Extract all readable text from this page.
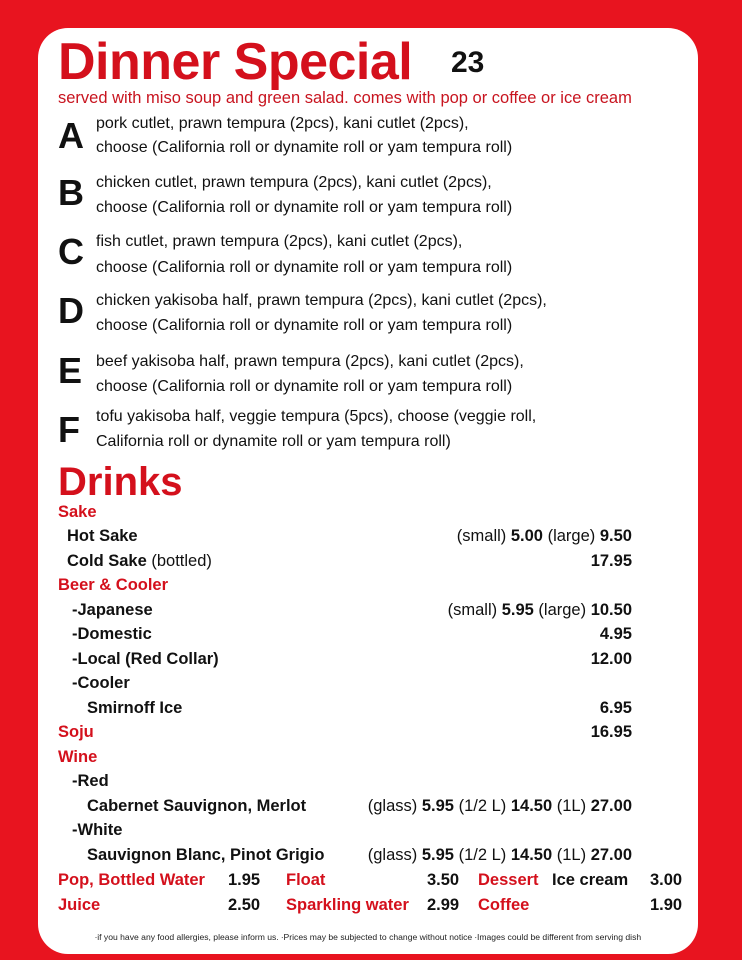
Dinner Special 23
served with miso soup and green salad. comes with pop or coffee or ice cream
A pork cutlet, prawn tempura (2pcs), kani cutlet (2pcs),
choose (California roll or dynamite roll or yam tempura roll)
B chicken cutlet, prawn tempura (2pcs), kani cutlet (2pcs),
choose (California roll or dynamite roll or yam tempura roll)
C fish cutlet, prawn tempura (2pcs), kani cutlet (2pcs),
choose (California roll or dynamite roll or yam tempura roll)
D chicken yakisoba half, prawn tempura (2pcs), kani cutlet (2pcs),
choose (California roll or dynamite roll or yam tempura roll)
E beef yakisoba half, prawn tempura (2pcs), kani cutlet (2pcs),
choose (California roll or dynamite roll or yam tempura roll)
F tofu yakisoba half, veggie tempura (5pcs), choose (veggie roll,
California roll or dynamite roll or yam tempura roll)
Drinks
Sake
Hot Sake	(small) 5.00 (large) 9.50
Cold Sake (bottled)	17.95
Beer & Cooler
-Japanese	(small) 5.95 (large) 10.50
-Domestic	4.95
-Local (Red Collar)	12.00
-Cooler
Smirnoff Ice	6.95
Soju	16.95
Wine
-Red
Cabernet Sauvignon, Merlot	(glass) 5.95 (1/2 L) 14.50 (1L) 27.00
-White
Sauvignon Blanc, Pinot Grigio	(glass) 5.95 (1/2 L) 14.50 (1L) 27.00
Pop, Bottled Water 1.95 Float	3.50 Dessert Ice cream 3.00
Juice	2.50 Sparkling water 2.99 Coffee	1.90
∙if you have any food allergies, please inform us. ∙Prices may be subjected to change without notice ∙Images could be different from serving dish
